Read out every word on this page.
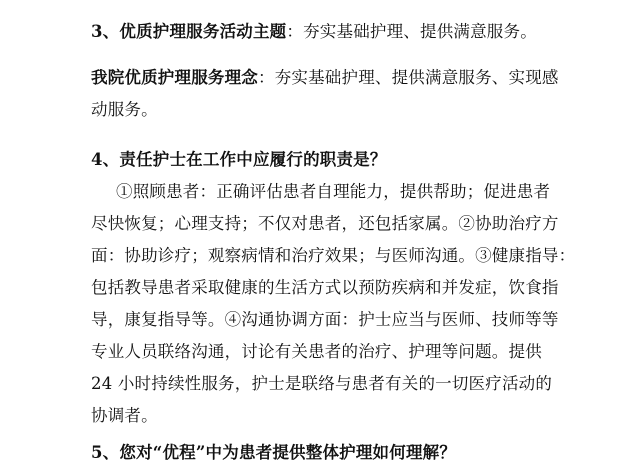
3、优质护理服务活动主题：夯实基础护理、提供满意服务。
我院优质护理服务理念：夯实基础护理、提供满意服务、实现感
动服务。
4、责任护士在工作中应履行的职责是？
①照顾患者：正确评估患者自理能力，提供帮助；促进患者
尽快恢复；心理支持；不仅对患者，还包括家属。②协助治疗方
面：协助诊疗；观察病情和治疗效果；与医师沟通。③健康指导：
包括教导患者采取健康的生活方式以预防疾病和并发症，饮食指
导，康复指导等。④沟通协调方面：护士应当与医师、技师等等
专业人员联络沟通，讨论有关患者的治疗、护理等问题。提供
24 小时持续性服务，护士是联络与患者有关的一切医疗活动的
协调者。
5、您对“优程”中为患者提供整体护理如何理解？
